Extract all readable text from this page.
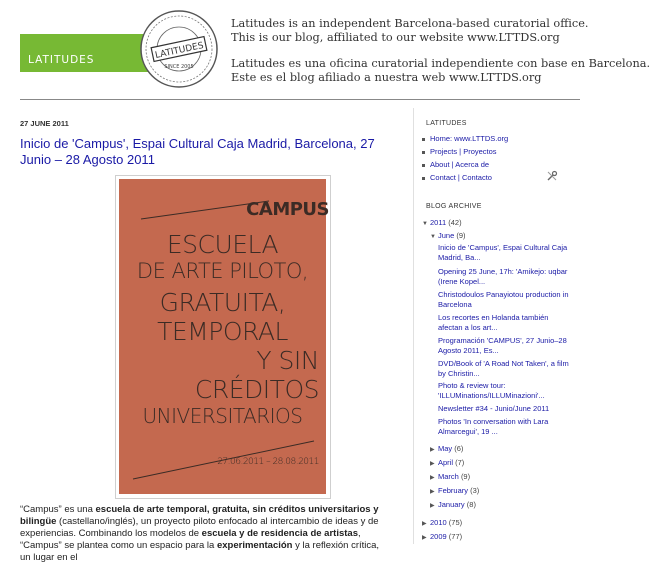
LATITUDES	LATITUDES
SINCE 2005
Latitudes is an independent Barcelona-based curatorial office.
This is our blog, affiliated to our website www.LTTDS.org
Latitudes es una oficina curatorial independiente con base en Barcelona.
Este es el blog afiliado a nuestra web www.LTTDS.org
27 JUNE 2011
Inicio de 'Campus', Espai Cultural Caja Madrid, Barcelona, 27 Junio – 28 Agosto 2011
CAMPUS
ESCUELA
DE ARTE PILOTO,
GRATUITA,
TEMPORAL
Y SIN
CRÉDITOS
UNIVERSITARIOS
27.06.2011 – 28.08.2011
“Campus” es una escuela de arte temporal, gratuita, sin créditos universitarios y bilingüe (castellano/inglés), un proyecto piloto enfocado al intercambio de ideas y de experiencias. Combinando los modelos de escuela y de residencia de artistas, “Campus” se plantea como un espacio para la experimentación y la reflexión crítica, un lugar en el
LATITUDES
Home: www.LTTDS.org
Projects | Proyectos
About | Acerca de
Contact | Contacto
BLOG ARCHIVE
▼ 2011 (42)
▼ June (9)
Inicio de 'Campus', Espai Cultural Caja
Madrid, Ba...
Opening 25 June, 17h: 'Amikejo: uqbar
(Irene Kopel...
Christodoulos Panayiotou production in
Barcelona
Los recortes en Holanda también
afectan a los art...
Programación 'CAMPUS', 27 Junio–28
Agosto 2011, Es...
DVD/Book of 'A Road Not Taken', a film
by Christin...
Photo & review tour:
'ILLUMinations/ILLUMinazioni'...
Newsletter #34 - Junio/June 2011
Photos 'In conversation with Lara
Almarcegui', 19 ...
▶ May (6)
▶ April (7)
▶ March (9)
▶ February (3)
▶ January (8)
▶ 2010 (75)
▶ 2009 (77)
